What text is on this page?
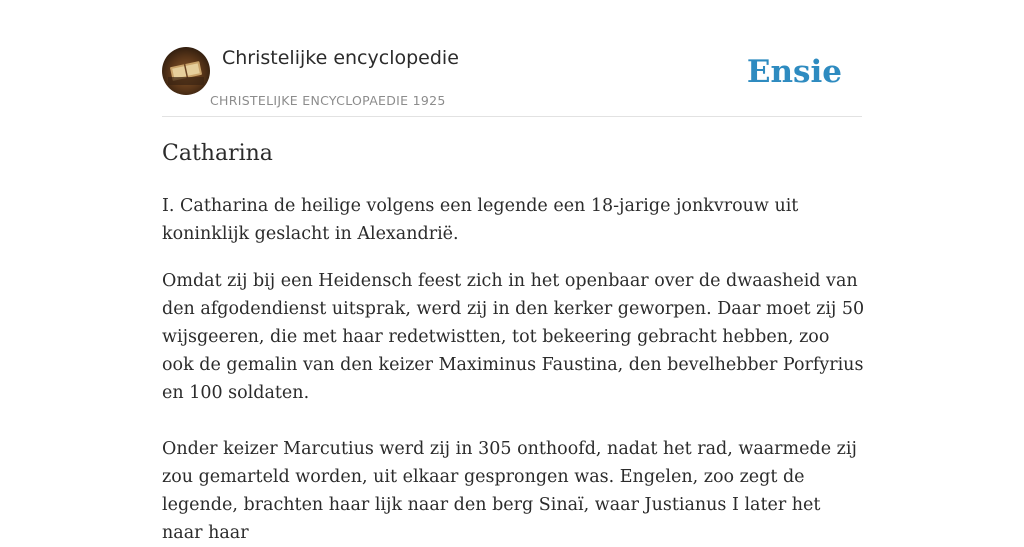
Christelijke encyclopedie
CHRISTELIJKE ENCYCLOPAEDIE 1925
Ensie
Catharina

I. Catharina de heilige volgens een legende een 18-jarige jonkvrouw uit koninklijk geslacht in Alexandrië.

Omdat zij bij een Heidensch feest zich in het openbaar over de dwaasheid van den afgodendienst uitsprak, werd zij in den kerker geworpen. Daar moet zij 50 wijsgeeren, die met haar redetwistten, tot bekeering gebracht hebben, zoo ook de gemalin van den keizer Maximinus Faustina, den bevelhebber Porfyrius en 100 soldaten.

Onder keizer Marcutius werd zij in 305 onthoofd, nadat het rad, waarmede zij zou gemarteld worden, uit elkaar gesprongen was. Engelen, zoo zegt de legende, brachten haar lijk naar den berg Sinaï, waar Justianus I later het naar haar
